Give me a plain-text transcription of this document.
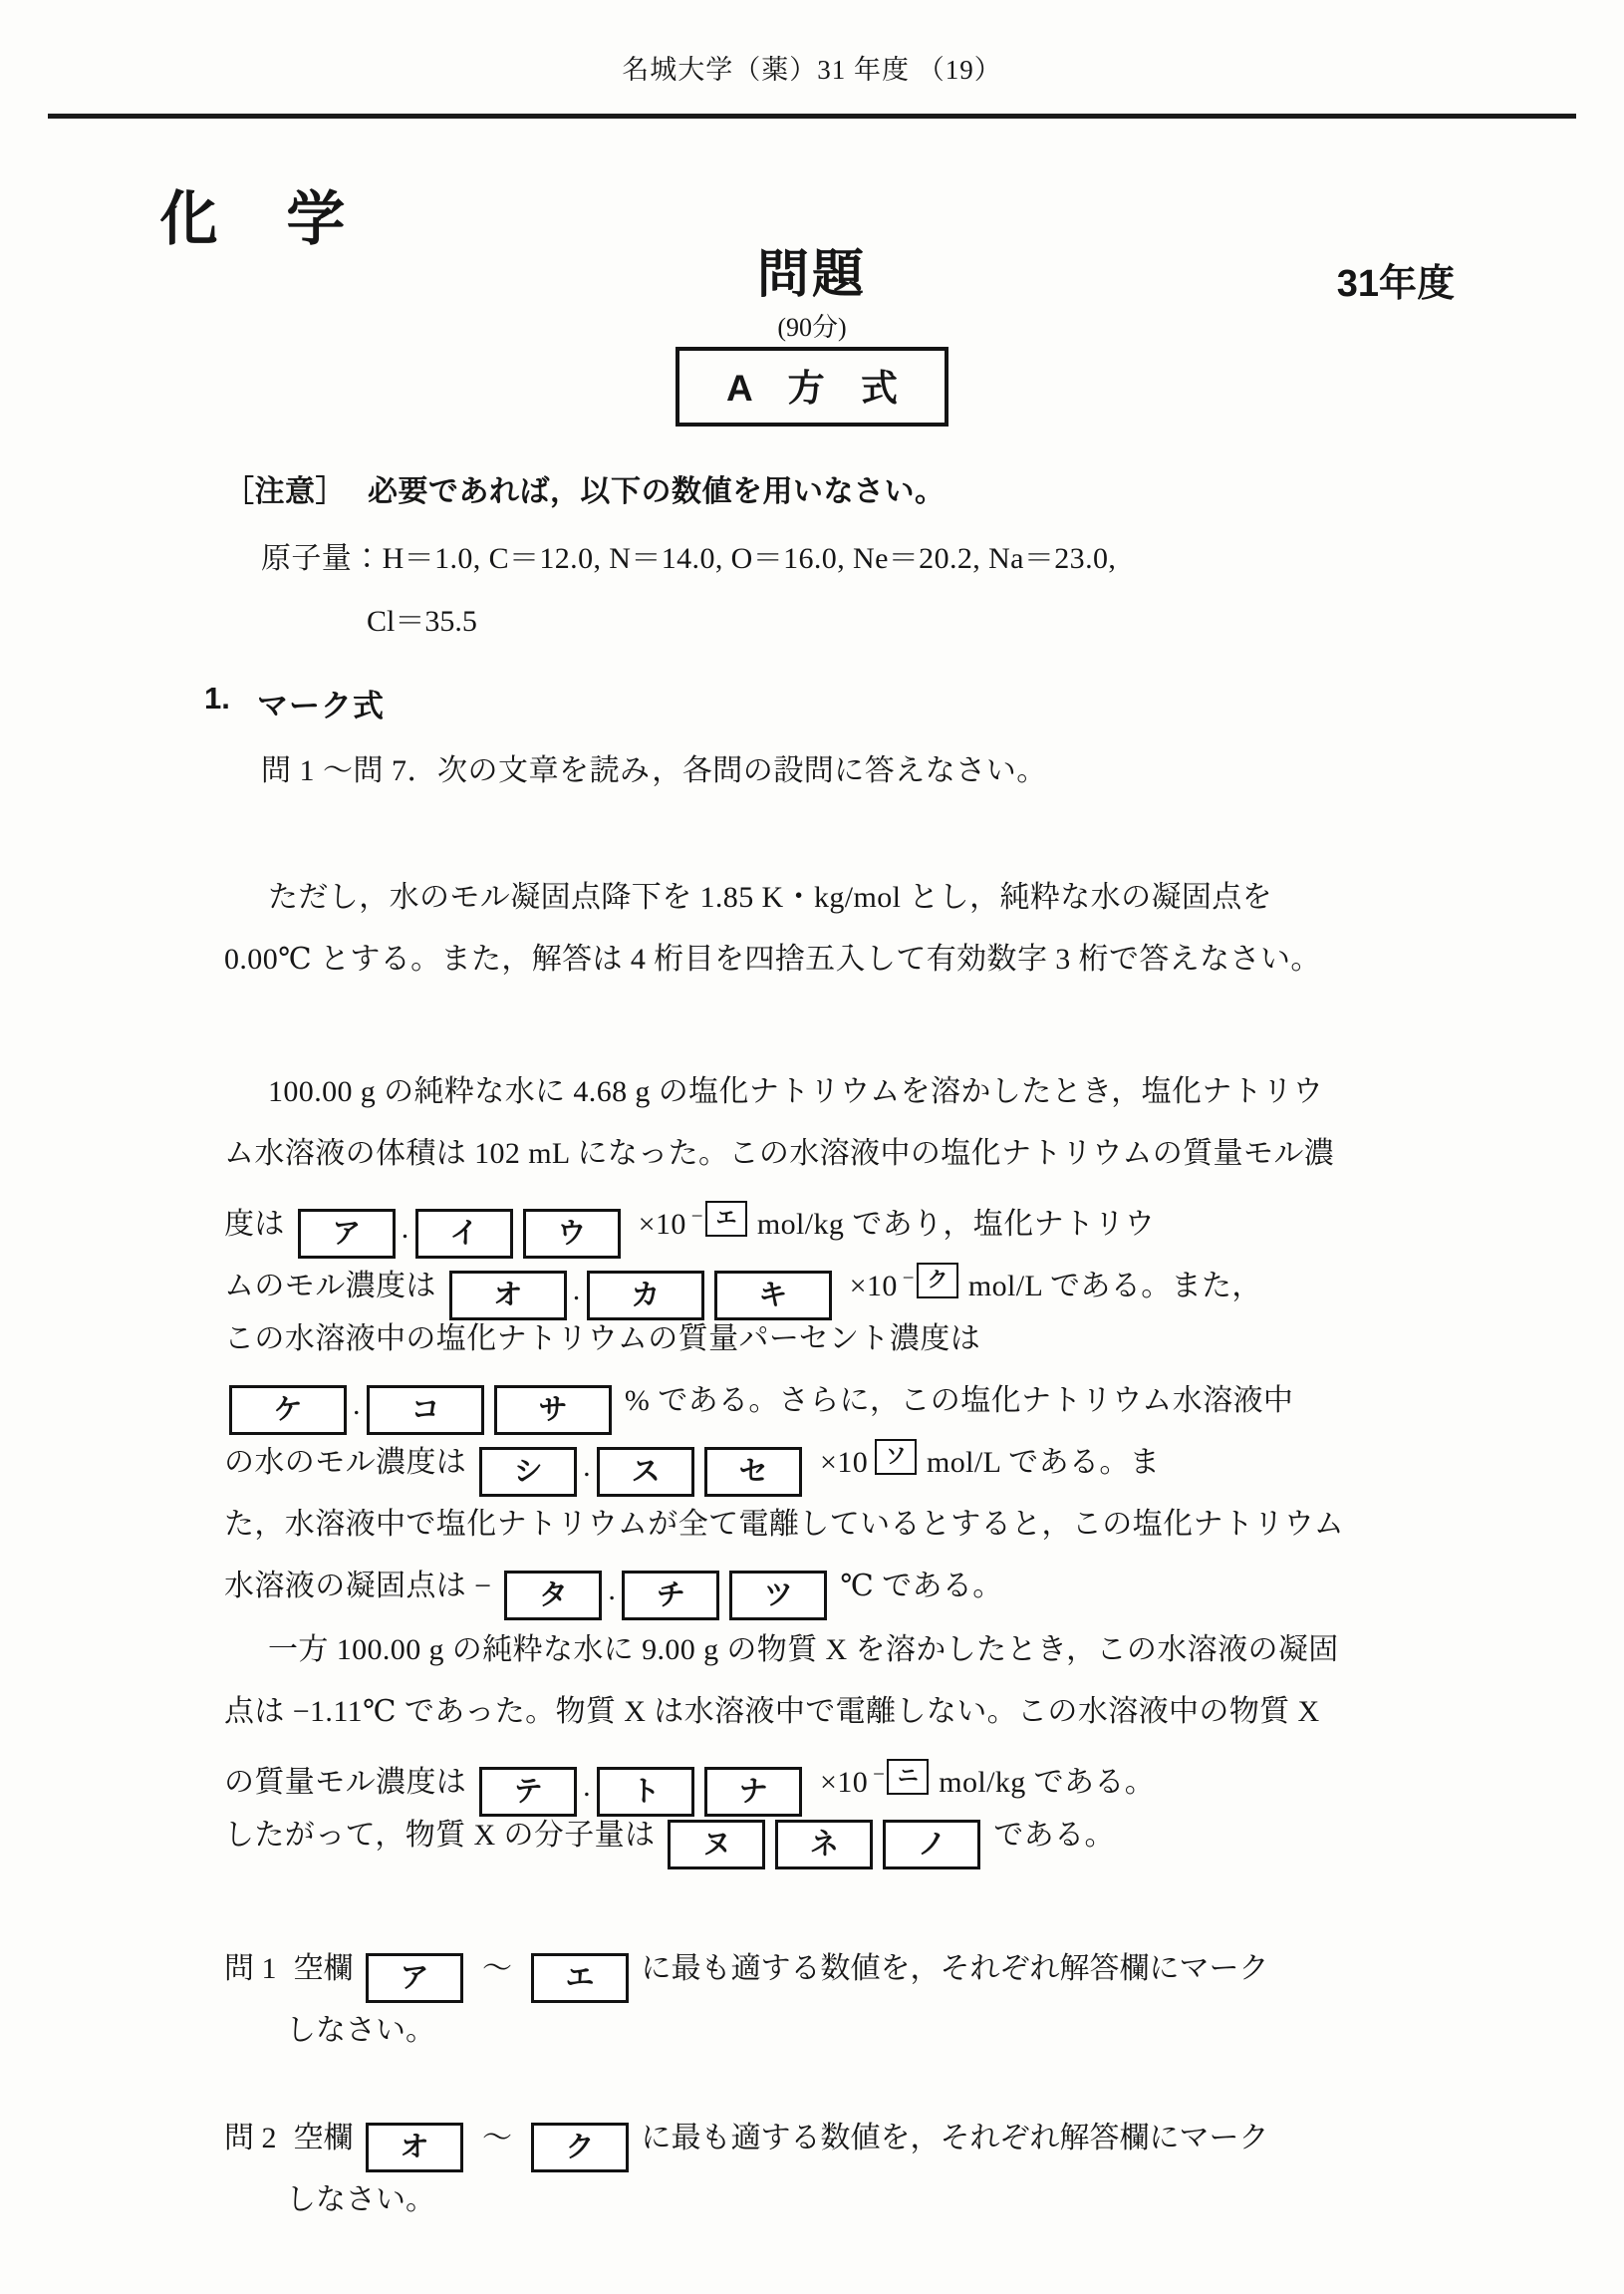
名城大学（薬）31 年度 （19）
化 学
問題
(90分)
A 方 式
31年度
［注意］ 必要であれば，以下の数値を用いなさい。
原子量：H＝1.0, C＝12.0, N＝14.0, O＝16.0, Ne＝20.2, Na＝23.0,
Cl＝35.5
1. マーク式
問 1 〜問 7．次の文章を読み，各問の設問に答えなさい。
ただし，水のモル凝固点降下を 1.85 K・kg/mol とし，純粋な水の凝固点を
0.00℃ とする。また，解答は 4 桁目を四捨五入して有効数字 3 桁で答えなさい。
100.00 g の純粋な水に 4.68 g の塩化ナトリウムを溶かしたとき，塩化ナトリウ
ム水溶液の体積は 102 mL になった。この水溶液中の塩化ナトリウムの質量モル濃
度は ア . イ	ウ ×10 − エ mol/kg であり，塩化ナトリウ
ムのモル濃度は オ . カ	キ ×10 − ク mol/L である。また，
この水溶液中の塩化ナトリウムの質量パーセント濃度は
ケ . コ	サ % である。さらに，この塩化ナトリウム水溶液中
の水のモル濃度は シ . ス	セ ×10 ソ mol/L である。ま
た，水溶液中で塩化ナトリウムが全て電離しているとすると，この塩化ナトリウム
水溶液の凝固点は − タ . チ	ツ ℃ である。
一方 100.00 g の純粋な水に 9.00 g の物質 X を溶かしたとき，この水溶液の凝固
点は −1.11℃ であった。物質 X は水溶液中で電離しない。この水溶液中の物質 X
の質量モル濃度は テ . ト	ナ ×10 − ニ mol/kg である。
したがって，物質 X の分子量は ヌ	ネ	ノ である。
問 1 空欄 ア 〜 エ に最も適する数値を，それぞれ解答欄にマーク
しなさい。
問 2 空欄 オ 〜 ク に最も適する数値を，それぞれ解答欄にマーク
しなさい。
